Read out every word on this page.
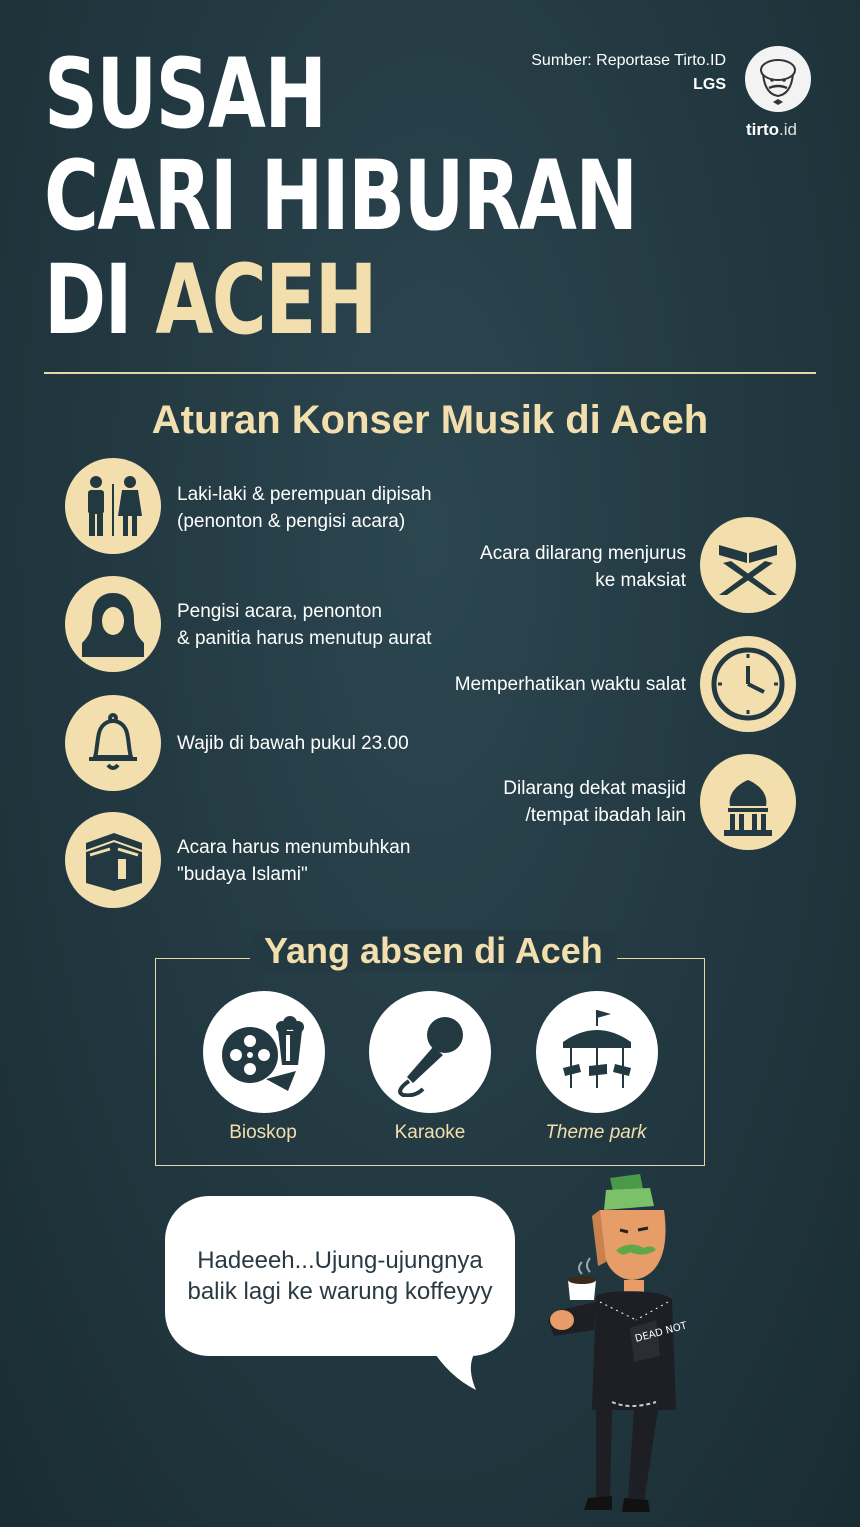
SUSAH
CARI HIBURAN
DI ACEH
Sumber: Reportase Tirto.ID
LGS
tirto.id
Aturan Konser Musik di Aceh
Laki-laki & perempuan dipisah
(penonton & pengisi acara)
Pengisi acara, penonton
& panitia harus menutup aurat
Wajib di bawah pukul 23.00
Acara harus menumbuhkan
"budaya Islami"
Acara dilarang menjurus
ke maksiat
Memperhatikan waktu salat
Dilarang dekat masjid
/tempat ibadah lain
Yang absen di Aceh
Bioskop	Karaoke	Theme park
Hadeeeh...Ujung-ujungnya
balik lagi ke warung koffeyyy
DEAD NOT
